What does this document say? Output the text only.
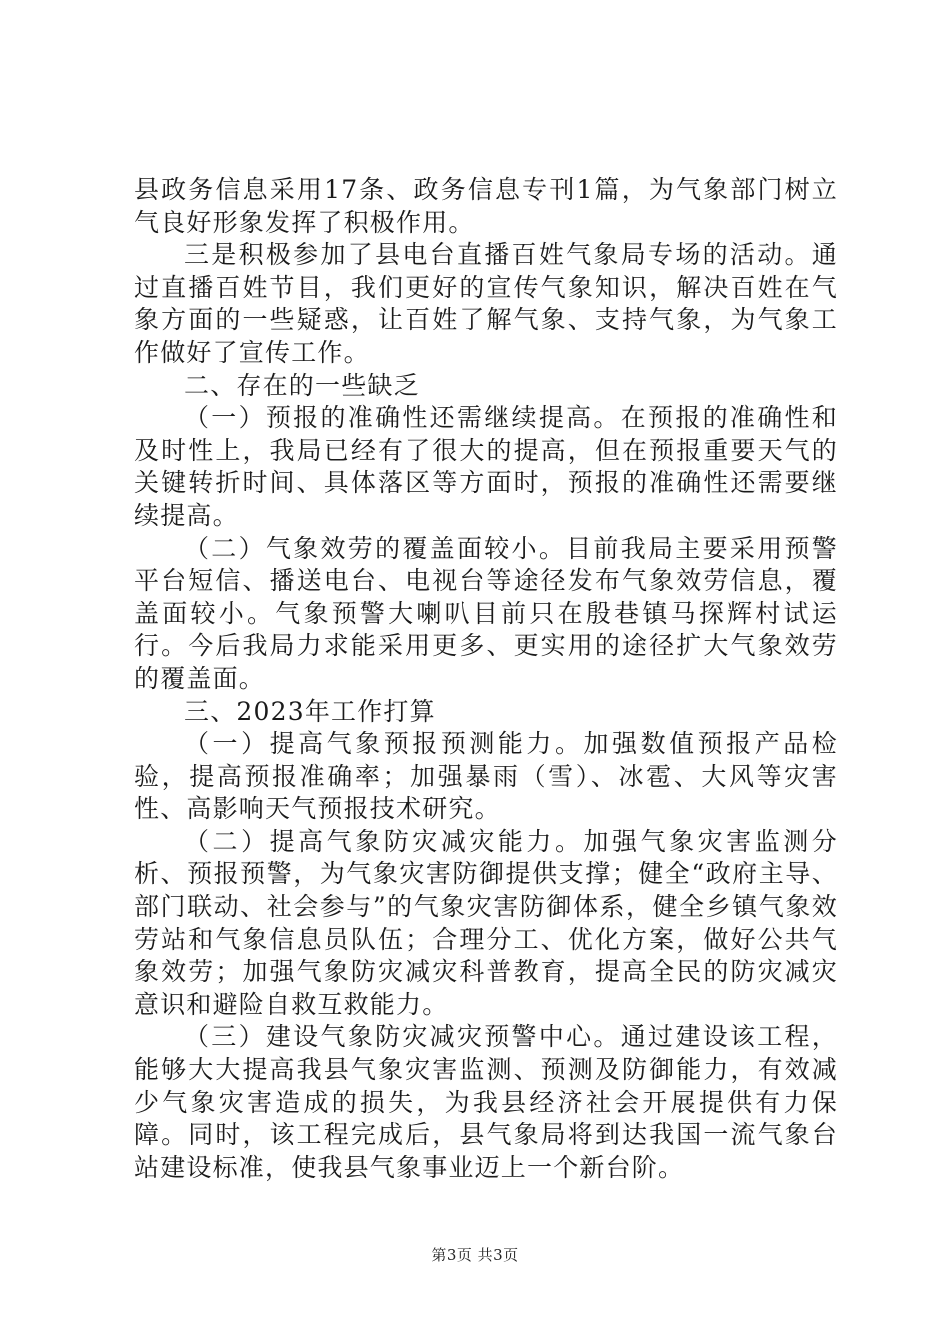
县政务信息采用17条、政务信息专刊1篇，为气象部门树立气良好形象发挥了积极作用。

三是积极参加了县电台直播百姓气象局专场的活动。通过直播百姓节目，我们更好的宣传气象知识，解决百姓在气象方面的一些疑惑，让百姓了解气象、支持气象，为气象工作做好了宣传工作。

二、存在的一些缺乏

（一）预报的准确性还需继续提高。在预报的准确性和及时性上，我局已经有了很大的提高，但在预报重要天气的关键转折时间、具体落区等方面时，预报的准确性还需要继续提高。

（二）气象效劳的覆盖面较小。目前我局主要采用预警平台短信、播送电台、电视台等途径发布气象效劳信息，覆盖面较小。气象预警大喇叭目前只在殷巷镇马探辉村试运行。今后我局力求能采用更多、更实用的途径扩大气象效劳的覆盖面。

三、2023年工作打算

（一）提高气象预报预测能力。加强数值预报产品检验，提高预报准确率；加强暴雨（雪）、冰雹、大风等灾害性、高影响天气预报技术研究。

（二）提高气象防灾减灾能力。加强气象灾害监测分析、预报预警，为气象灾害防御提供支撑；健全“政府主导、部门联动、社会参与”的气象灾害防御体系，健全乡镇气象效劳站和气象信息员队伍；合理分工、优化方案，做好公共气象效劳；加强气象防灾减灾科普教育，提高全民的防灾减灾意识和避险自救互救能力。

（三）建设气象防灾减灾预警中心。通过建设该工程，能够大大提高我县气象灾害监测、预测及防御能力，有效减少气象灾害造成的损失，为我县经济社会开展提供有力保障。同时，该工程完成后，县气象局将到达我国一流气象台站建设标准，使我县气象事业迈上一个新台阶。

第3页 共3页
